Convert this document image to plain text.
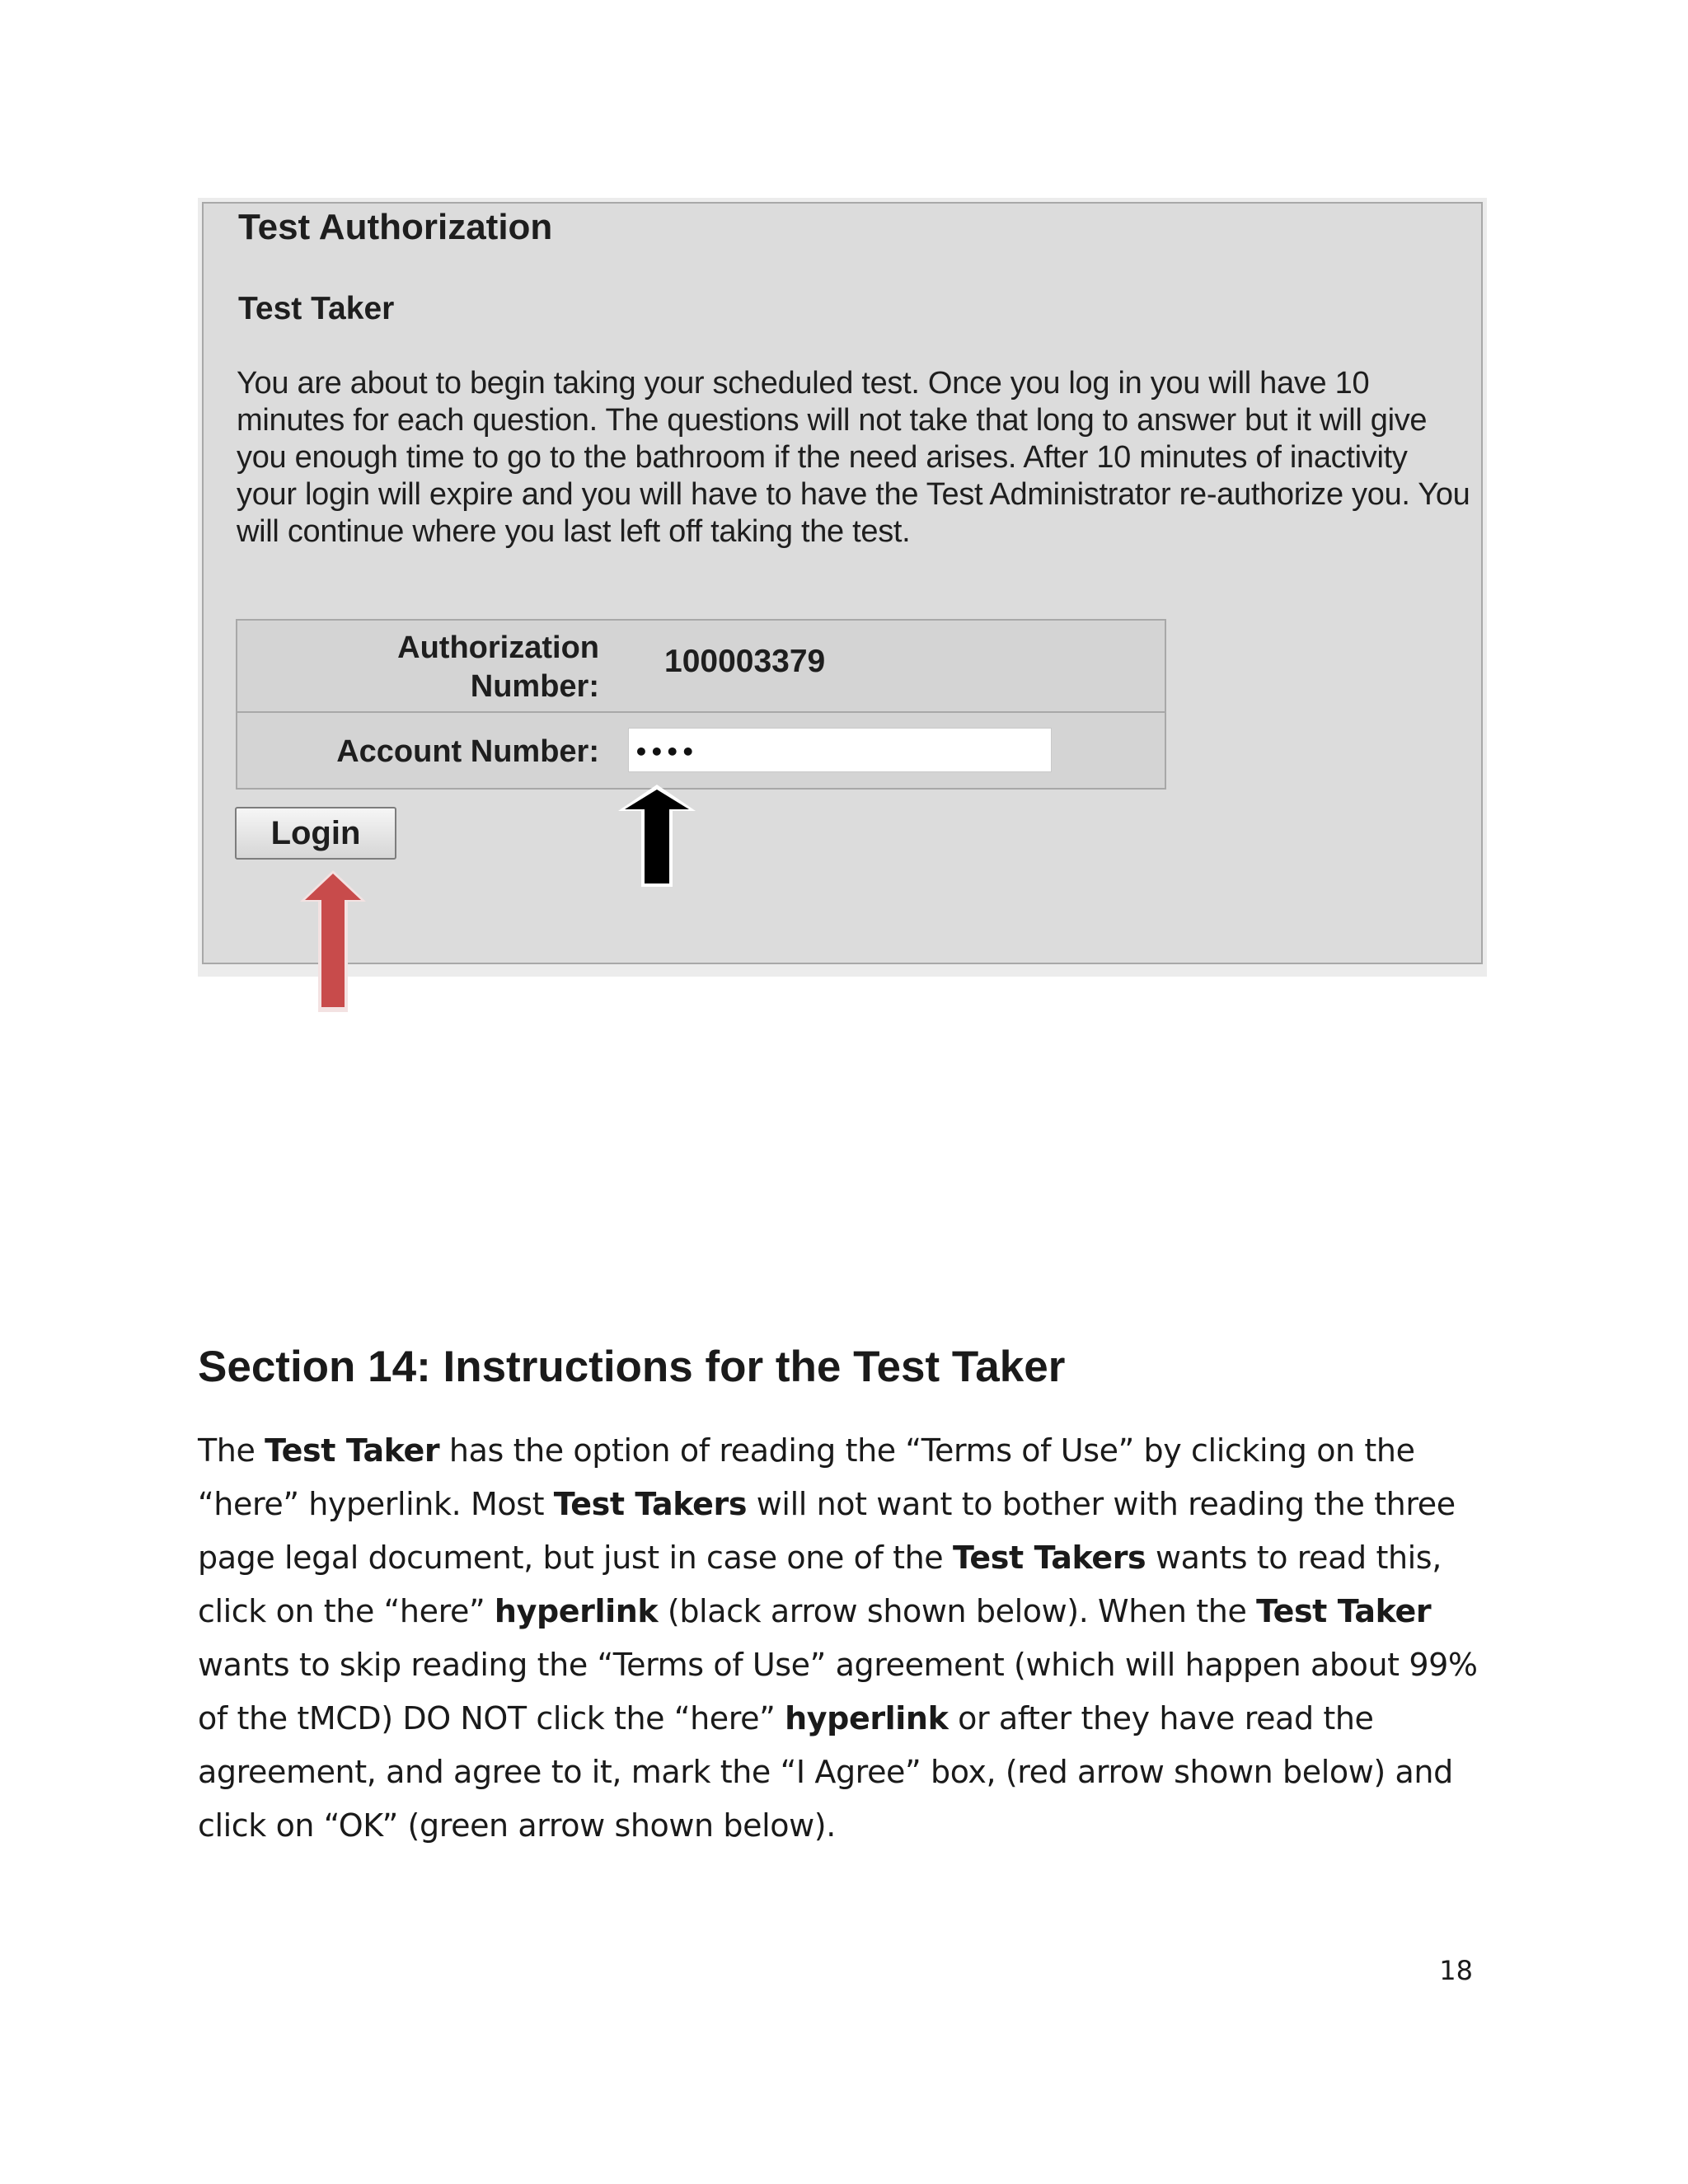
Test Authorization
Test Taker

You are about to begin taking your scheduled test. Once you log in you will have 10 minutes for each question. The questions will not take that long to answer but it will give you enough time to go to the bathroom if the need arises. After 10 minutes of inactivity your login will expire and you will have to have the Test Administrator re-authorize you. You will continue where you last left off taking the test.

Authorization Number:
100003379
Account Number:
••••
Login
Section 14: Instructions for the Test Taker

The Test Taker has the option of reading the “Terms of Use” by clicking on the “here” hyperlink. Most Test Takers will not want to bother with reading the three page legal document, but just in case one of the Test Takers wants to read this, click on the “here” hyperlink (black arrow shown below). When the Test Taker wants to skip reading the “Terms of Use” agreement (which will happen about 99% of the tMCD) DO NOT click the “here” hyperlink or after they have read the agreement, and agree to it, mark the “I Agree” box, (red arrow shown below) and click on “OK” (green arrow shown below).

18
